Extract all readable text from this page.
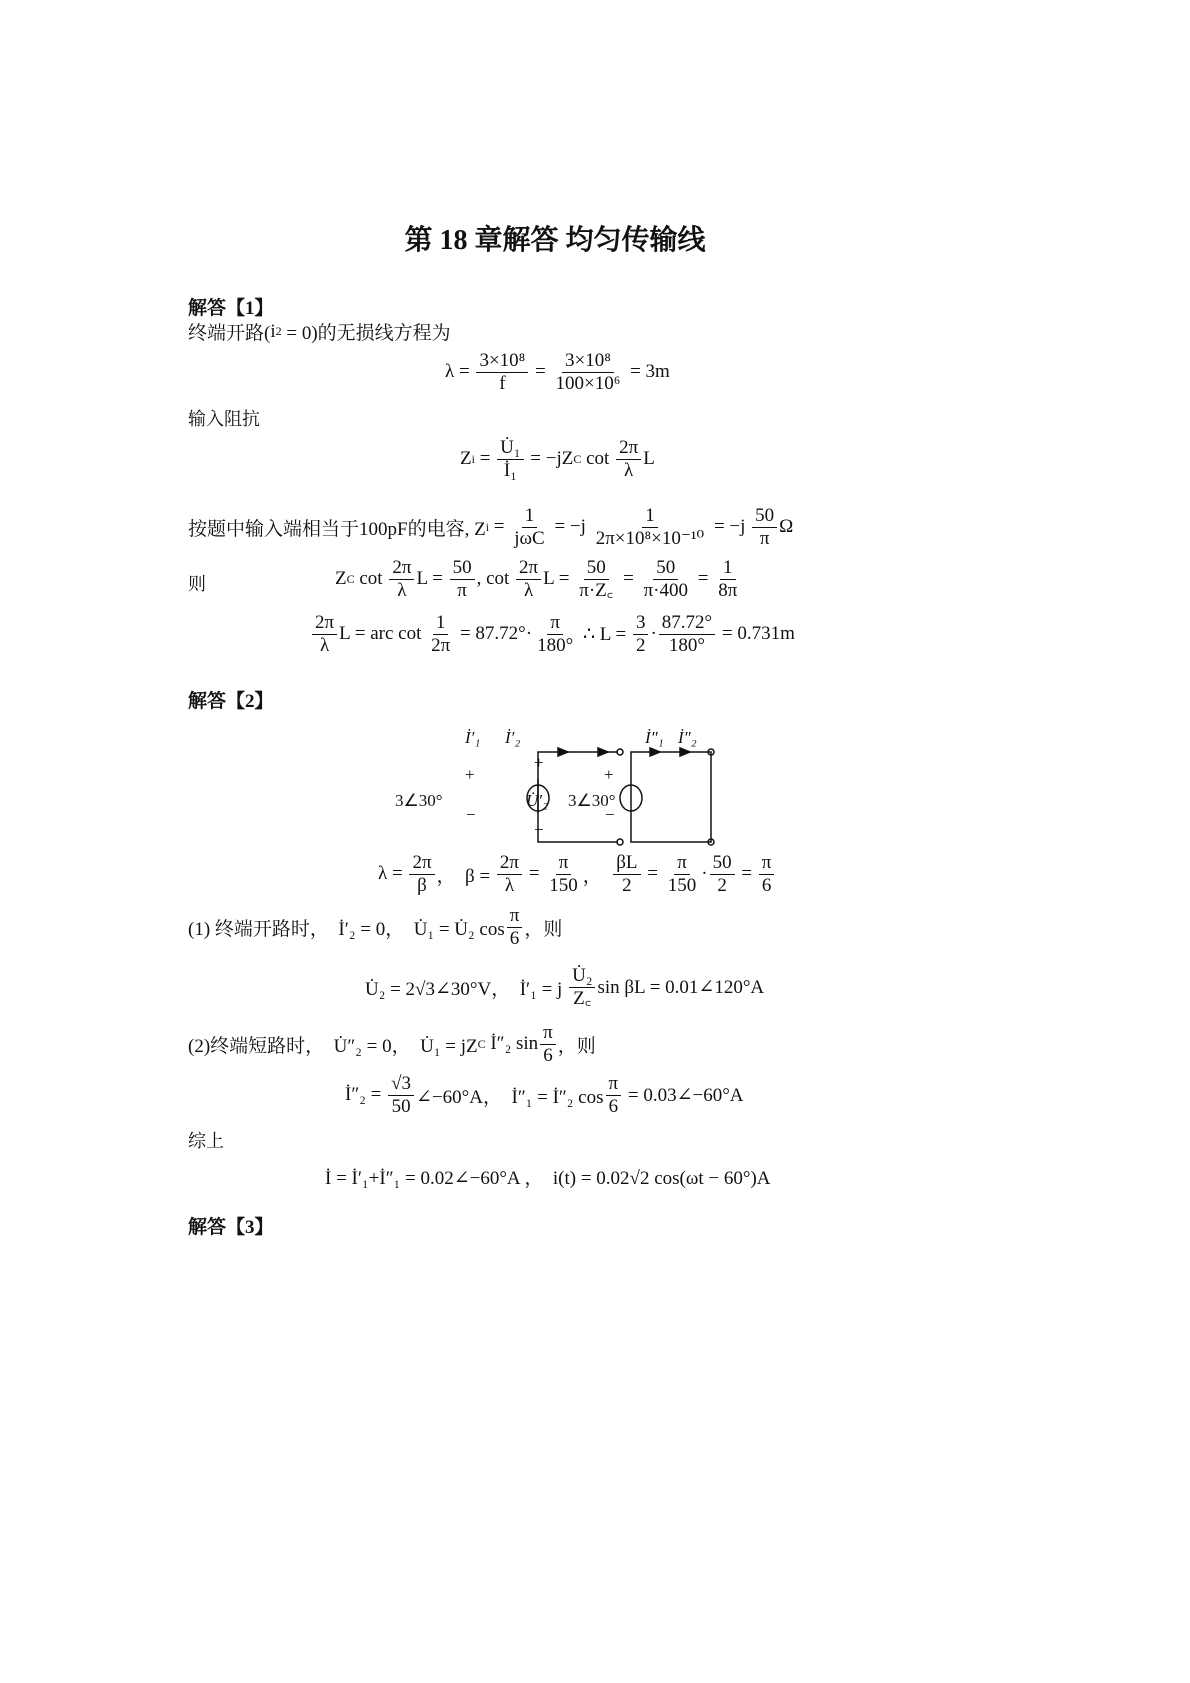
第 18 章解答 均匀传输线
解答【1】
终端开路( i 2 = 0)的无损线方程为
$\lambda = \frac{\text{3×10⁸}}{f} = \frac{\text{3×10⁸}}{\text{100×10⁶}} = 3m$
输入阻抗
Z $i = \frac{\text{U̇₁}}{\text{İ₁}} = -jZ$ C $\cot \frac{2\pi}{\lambda}$ L
按题中输入端相当于100pF的电容, Z $i = \frac{1}{\text{jωC}} = -j \frac{1}{\text{2π×10⁸×10⁻¹⁰}} = -j \frac{50}{\pi}$ Ω
则	Z C $\cot \frac{2\pi}{\lambda}$ $L = \frac{50}{\pi}$ , $\cot \frac{2\pi}{\lambda}$ $L = \frac{50}{\pi\cdot Z꜀} = \frac{50}{\pi\cdot 400} = \frac{1}{8\pi}$
$\frac{2\pi}{\lambda}$ L = arc $\cot \frac{1}{2\pi} = 87.72^\circ\cdot \frac{\pi}{180^\circ}$ ∴ $L = \frac{3}{2} \cdot \frac{87.72^\circ}{180^\circ} = 0.731m$
解答【2】
+
−
3∠30°
İ′₁ İ′₂
+
U̇′₂
−
+
−
3∠30°
İ″₁ İ″₂
$\lambda = \frac{2\pi}{\beta}$ ，  $\beta = \frac{2\pi}{\lambda} = \frac{\pi}{150}$ ， $\frac{\beta L}{2} = \frac{\pi}{150} \cdot \frac{50}{2} = \frac{\pi}{6}$
(1) 终端开路时，  İ′₂ = 0，  U̇₁ = U̇₂ $\cos \frac{\pi}{6}$ ，则
U̇₂ = 2√3∠30°V，  İ′₁ = j $\frac{\text{U̇₂}}{Z꜀}$ sin βL = 0.01∠120°A
(2)终端短路时，  U̇″₂ = 0，  U̇₁ = jZ C İ″₂ $\sin \frac{\pi}{6}$ ，则
İ″₂ = $\frac{√3}{50}$ ∠−60°A，  İ″₁ = İ″₂ $\cos \frac{\pi}{6}$ = 0.03∠−60°A
综上
İ = İ′₁+İ″₁ = 0.02∠−60°A ，  i(t) = 0.02√2 cos(ωt − 60°)A
解答【3】
